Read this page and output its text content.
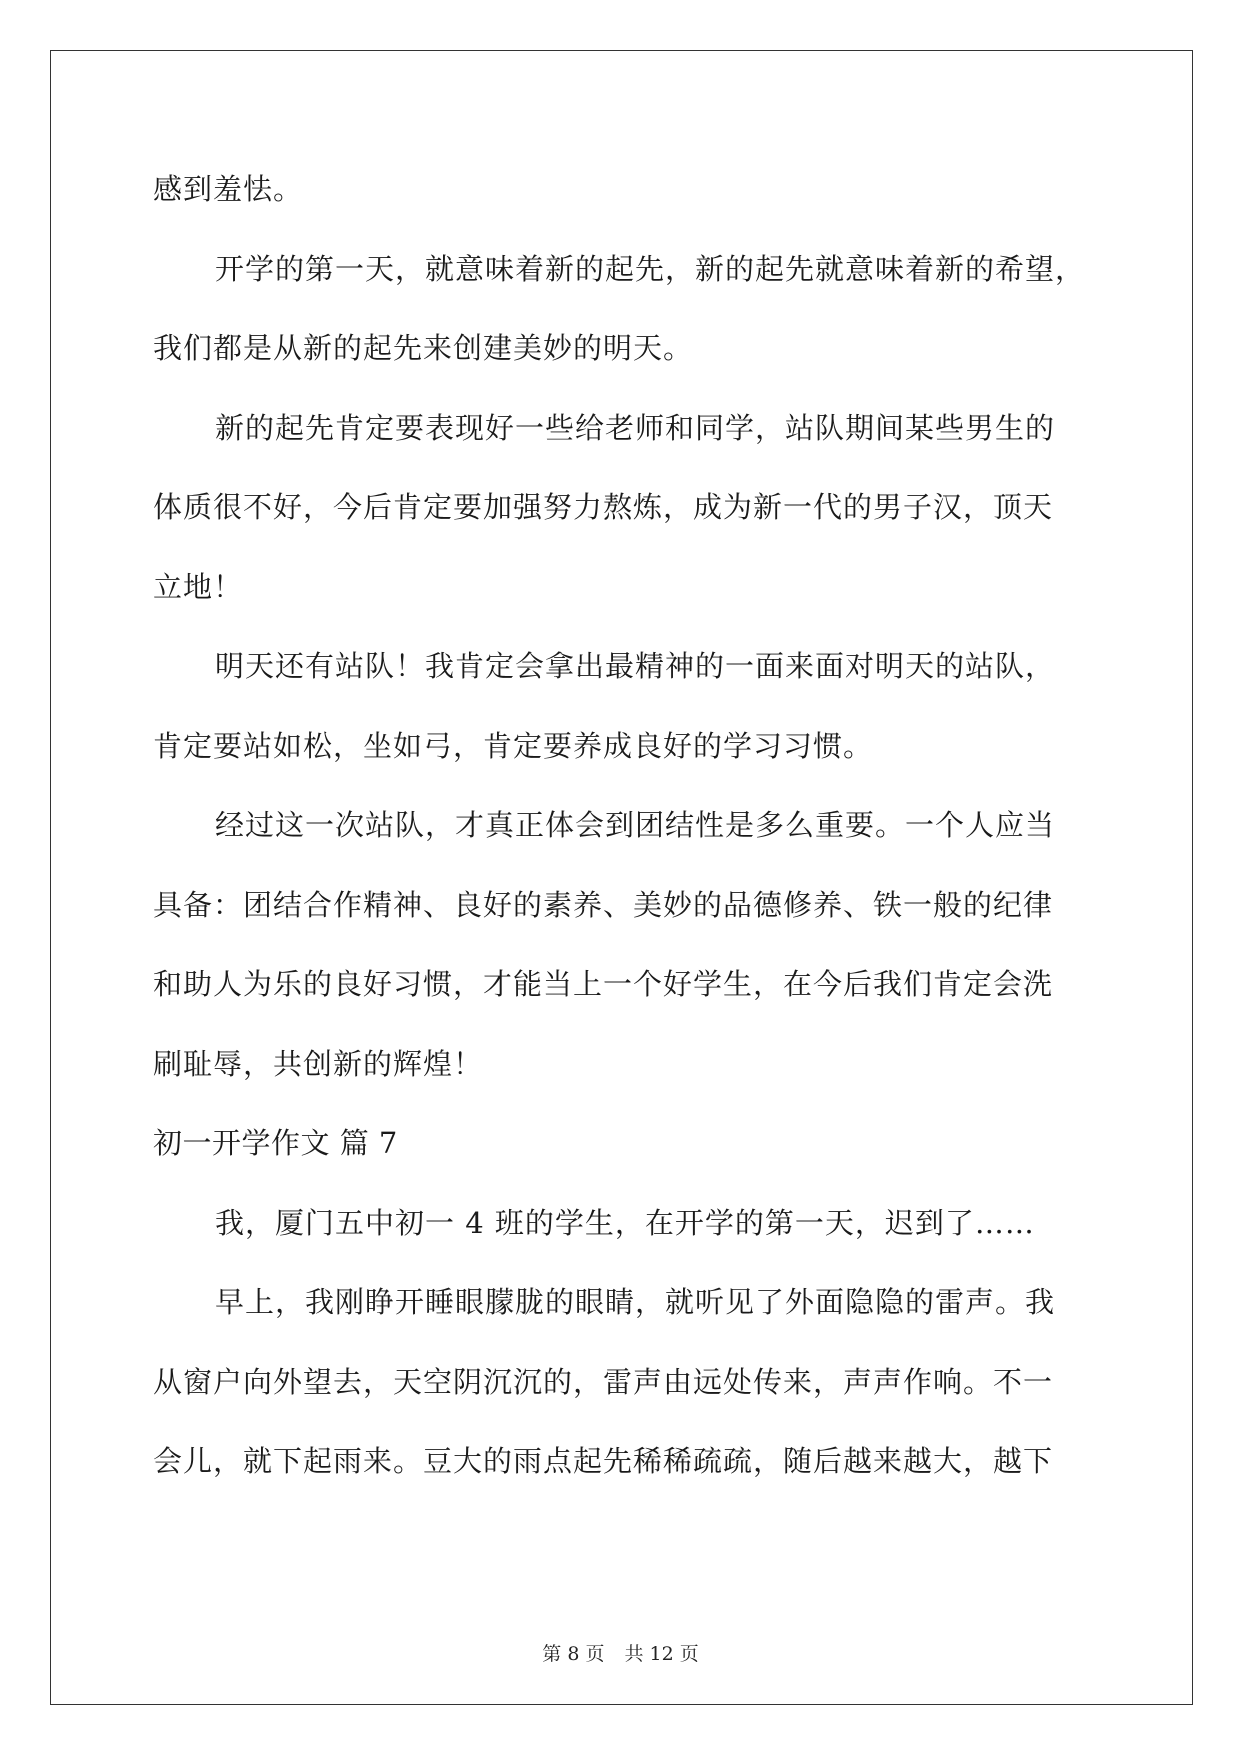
感到羞怯。
开学的第一天，就意味着新的起先，新的起先就意味着新的希望，
我们都是从新的起先来创建美妙的明天。
新的起先肯定要表现好一些给老师和同学，站队期间某些男生的
体质很不好，今后肯定要加强努力熬炼，成为新一代的男子汉，顶天
立地！
明天还有站队！我肯定会拿出最精神的一面来面对明天的站队，
肯定要站如松，坐如弓，肯定要养成良好的学习习惯。
经过这一次站队，才真正体会到团结性是多么重要。一个人应当
具备：团结合作精神、良好的素养、美妙的品德修养、铁一般的纪律
和助人为乐的良好习惯，才能当上一个好学生，在今后我们肯定会洗
刷耻辱，共创新的辉煌！
初一开学作文 篇 7
我，厦门五中初一 4 班的学生，在开学的第一天，迟到了……
早上，我刚睁开睡眼朦胧的眼睛，就听见了外面隐隐的雷声。我
从窗户向外望去，天空阴沉沉的，雷声由远处传来，声声作响。不一
会儿，就下起雨来。豆大的雨点起先稀稀疏疏，随后越来越大，越下
第 8 页 共 12 页
